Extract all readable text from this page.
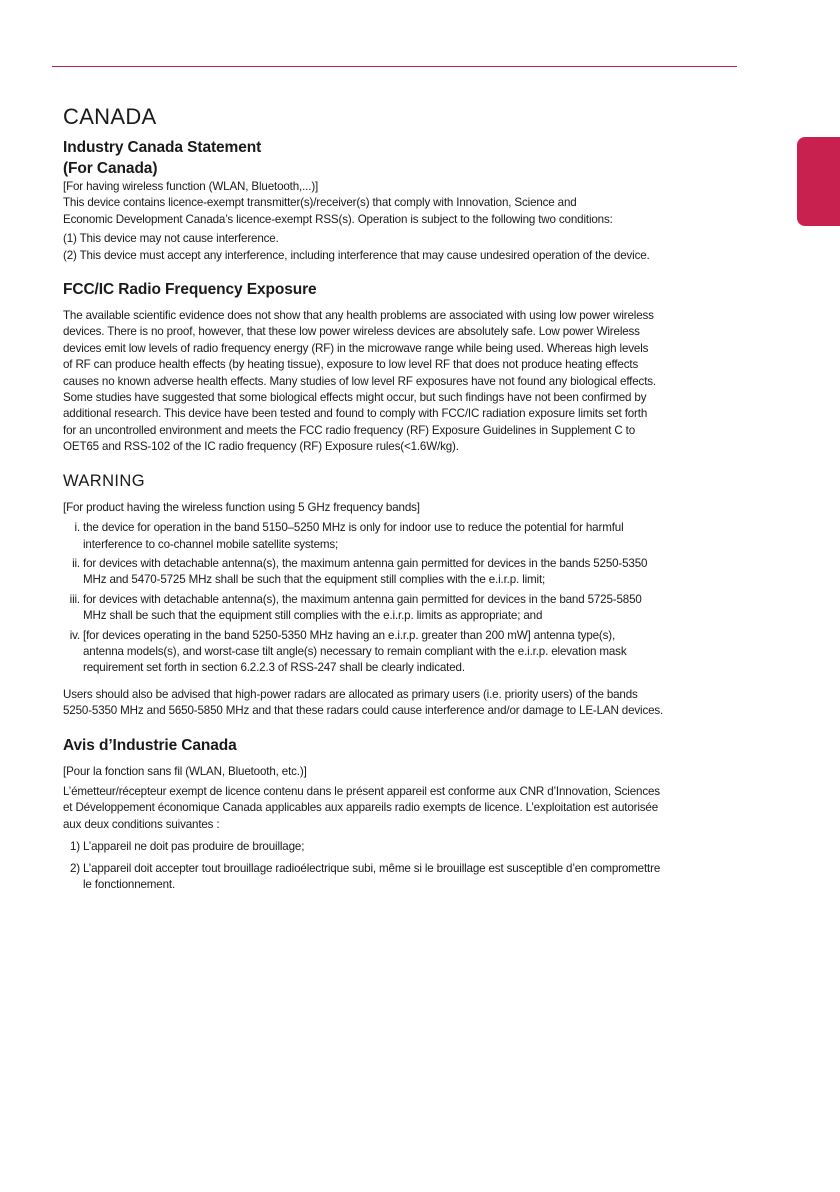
CANADA
Industry Canada Statement
(For Canada)

[For having wireless function (WLAN, Bluetooth,...)]

This device contains licence-exempt transmitter(s)/receiver(s) that comply with Innovation, Science and

Economic Development Canada’s licence-exempt RSS(s). Operation is subject to the following two conditions:

(1) This device may not cause interference.

(2) This device must accept any interference, including interference that may cause undesired operation of the device.

FCC/IC Radio Frequency Exposure

The available scientific evidence does not show that any health problems are associated with using low power wireless

devices. There is no proof, however, that these low power wireless devices are absolutely safe. Low power Wireless

devices emit low levels of radio frequency energy (RF) in the microwave range while being used. Whereas high levels

of RF can produce health effects (by heating tissue), exposure to low level RF that does not produce heating effects

causes no known adverse health effects. Many studies of low level RF exposures have not found any biological effects.

Some studies have suggested that some biological effects might occur, but such findings have not been confirmed by

additional research. This device have been tested and found to comply with FCC/IC radiation exposure limits set forth

for an uncontrolled environment and meets the FCC radio frequency (RF) Exposure Guidelines in Supplement C to

OET65 and RSS-102 of the IC radio frequency (RF) Exposure rules(<1.6W/kg).

WARNING

[For product having the wireless function using 5 GHz frequency bands]

i. the device for operation in the band 5150–5250 MHz is only for indoor use to reduce the potential for harmful

interference to co-channel mobile satellite systems;

ii. for devices with detachable antenna(s), the maximum antenna gain permitted for devices in the bands 5250-5350

MHz and 5470-5725 MHz shall be such that the equipment still complies with the e.i.r.p. limit;

iii. for devices with detachable antenna(s), the maximum antenna gain permitted for devices in the band 5725-5850

MHz shall be such that the equipment still complies with the e.i.r.p. limits as appropriate; and

iv. [for devices operating in the band 5250-5350 MHz having an e.i.r.p. greater than 200 mW] antenna type(s),

antenna models(s), and worst-case tilt angle(s) necessary to remain compliant with the e.i.r.p. elevation mask

requirement set forth in section 6.2.2.3 of RSS-247 shall be clearly indicated.

Users should also be advised that high-power radars are allocated as primary users (i.e. priority users) of the bands

5250-5350 MHz and 5650-5850 MHz and that these radars could cause interference and/or damage to LE-LAN devices.

Avis d’Industrie Canada

[Pour la fonction sans fil (WLAN, Bluetooth, etc.)]

L’émetteur/récepteur exempt de licence contenu dans le présent appareil est conforme aux CNR d’Innovation, Sciences

et Développement économique Canada applicables aux appareils radio exempts de licence. L’exploitation est autorisée

aux deux conditions suivantes :

1) L’appareil ne doit pas produire de brouillage;

2) L’appareil doit accepter tout brouillage radioélectrique subi, même si le brouillage est susceptible d’en compromettre

le fonctionnement.
